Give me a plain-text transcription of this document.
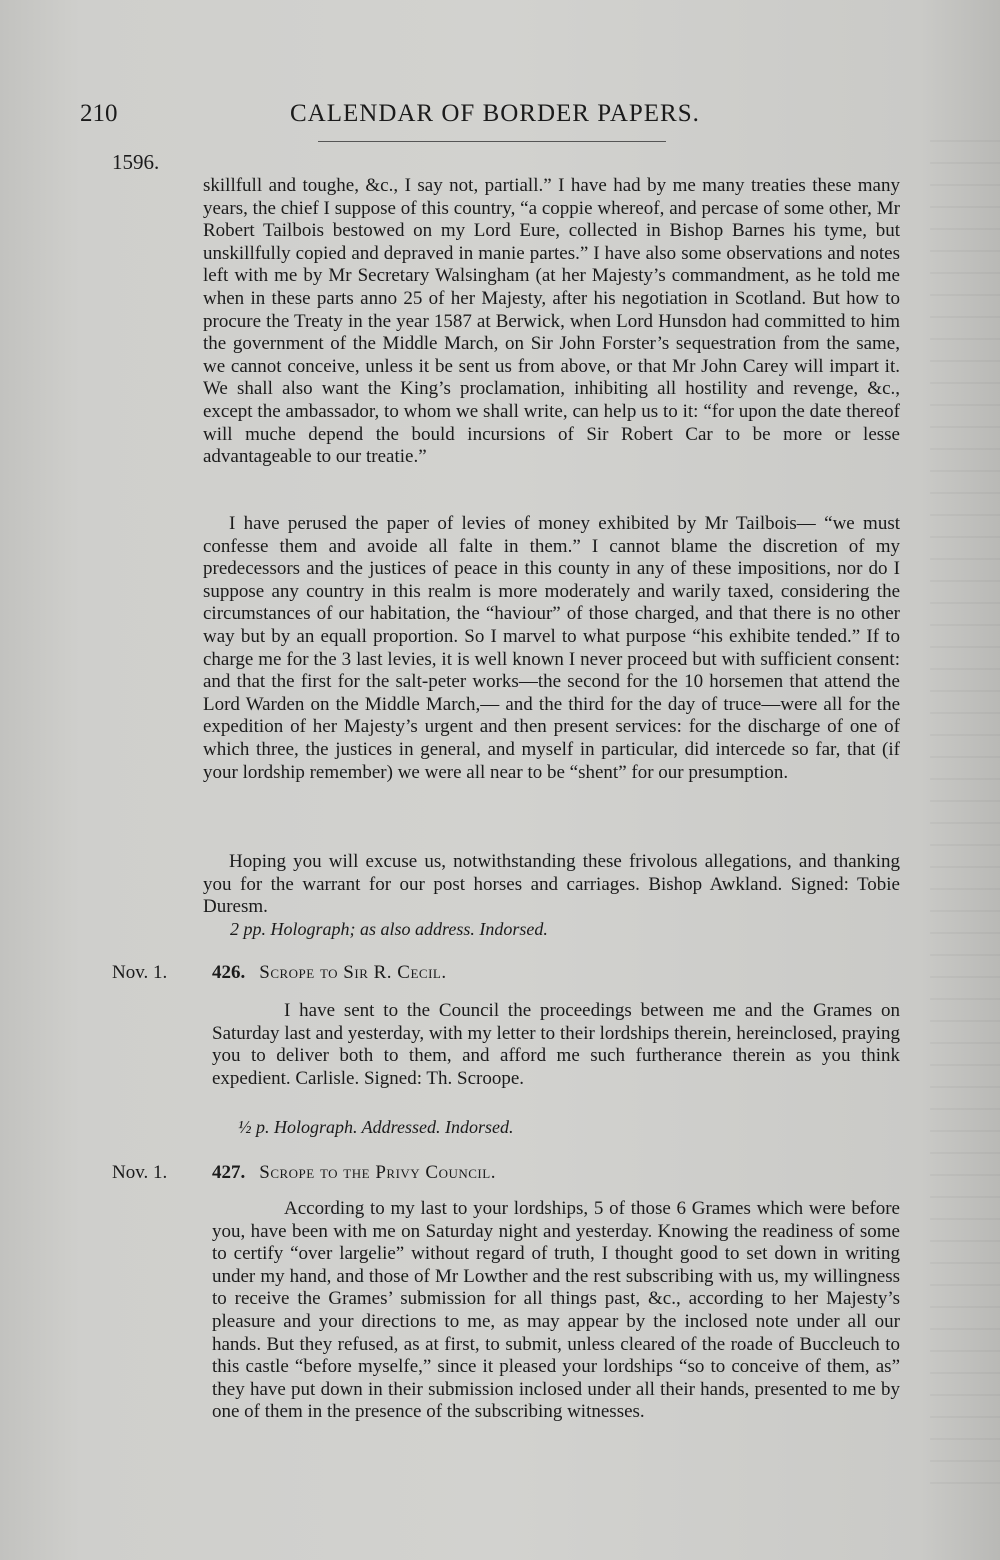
210	CALENDAR OF BORDER PAPERS.
1596.

skillfull and toughe, &c., I say not, partiall.” I have had by me many treaties these many years, the chief I suppose of this country, “a coppie whereof, and percase of some other, Mr Robert Tailbois bestowed on my Lord Eure, collected in Bishop Barnes his tyme, but unskillfully copied and depraved in manie partes.” I have also some observations and notes left with me by Mr Secretary Walsingham (at her Majesty’s commandment, as he told me when in these parts anno 25 of her Majesty, after his negotiation in Scotland. But how to procure the Treaty in the year 1587 at Berwick, when Lord Hunsdon had committed to him the government of the Middle March, on Sir John Forster’s sequestration from the same, we cannot conceive, unless it be sent us from above, or that Mr John Carey will impart it. We shall also want the King’s proclamation, inhibiting all hostility and revenge, &c., except the ambassador, to whom we shall write, can help us to it: “for upon the date thereof will muche depend the bould incursions of Sir Robert Car to be more or lesse advantageable to our treatie.”

I have perused the paper of levies of money exhibited by Mr Tailbois— “we must confesse them and avoide all falte in them.” I cannot blame the discretion of my predecessors and the justices of peace in this county in any of these impositions, nor do I suppose any country in this realm is more moderately and warily taxed, considering the circumstances of our habitation, the “haviour” of those charged, and that there is no other way but by an equall proportion. So I marvel to what purpose “his exhibite tended.” If to charge me for the 3 last levies, it is well known I never proceed but with sufficient consent: and that the first for the salt-peter works—the second for the 10 horsemen that attend the Lord Warden on the Middle March,— and the third for the day of truce—were all for the expedition of her Majesty’s urgent and then present services: for the discharge of one of which three, the justices in general, and myself in particular, did intercede so far, that (if your lordship remember) we were all near to be “shent” for our presumption.

Hoping you will excuse us, notwithstanding these frivolous allegations, and thanking you for the warrant for our post horses and carriages. Bishop Awkland. Signed: Tobie Duresm.

2 pp. Holograph; as also address. Indorsed.

Nov. 1. 426. Scrope to Sir R. Cecil.

I have sent to the Council the proceedings between me and the Grames on Saturday last and yesterday, with my letter to their lordships therein, hereinclosed, praying you to deliver both to them, and afford me such furtherance therein as you think expedient. Carlisle. Signed: Th. Scroope.

½ p. Holograph. Addressed. Indorsed.

Nov. 1. 427. Scrope to the Privy Council.

According to my last to your lordships, 5 of those 6 Grames which were before you, have been with me on Saturday night and yesterday. Knowing the readiness of some to certify “over largelie” without regard of truth, I thought good to set down in writing under my hand, and those of Mr Lowther and the rest subscribing with us, my willingness to receive the Grames’ submission for all things past, &c., according to her Majesty’s pleasure and your directions to me, as may appear by the inclosed note under all our hands. But they refused, as at first, to submit, unless cleared of the roade of Buccleuch to this castle “before myselfe,” since it pleased your lordships “so to conceive of them, as” they have put down in their submission inclosed under all their hands, presented to me by one of them in the presence of the subscribing witnesses.
